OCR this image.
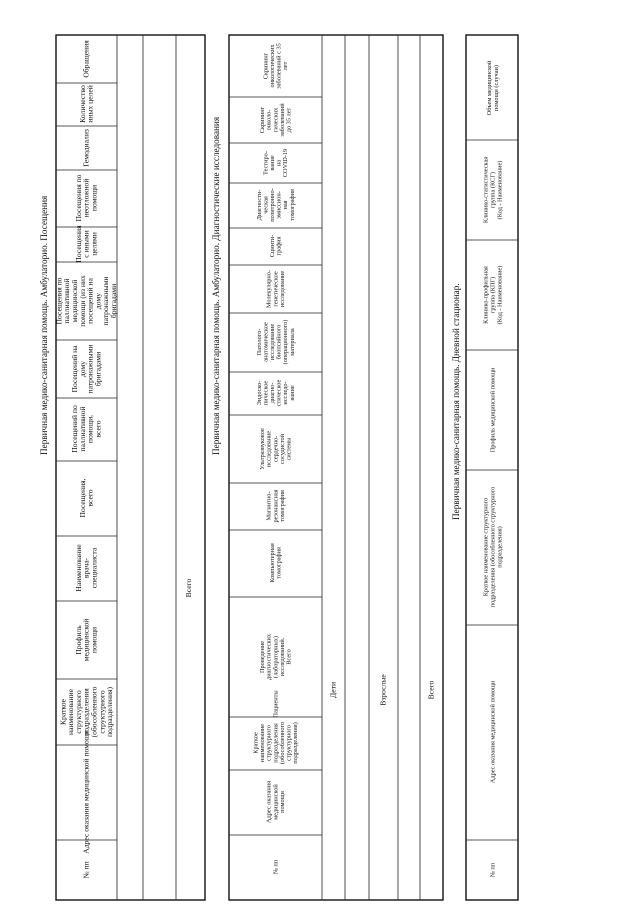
Первичная медико-санитарная помощь. Амбулаторио. Посещения
№ пп
Адрес оказания медицинской помощи
Краткоенаименованиеструктурногоподразделения(обособленногоструктурногоподразделения)
Профильмедицинскойпомощи
Наименованиеврача-специалиста
Посещения,всего
Посещений попаллиативнойпомощи,всего
Посещений надомупатронажнымибригадами
Посещения попаллиативноймедицинскойпомощи (из нихпосещений надомупатронажнымибригадами
Посещенияс инымицелями
Посещения понеотложнойпомощи
Гемодиализ
Количествоиных целей
Обращения
Всего
Первичная медико-санитарная помощь. Амбулаторио. Диагностические исследования
№ пп
Адрес оказаниямедицинскойпомощи
Краткоенаименованиеструктурногоподразделения(обособленногоструктурногоподразделения)
Пациенты
Проведениедиагностических(лабораторных)исследований.Всего
Компьютернаятомография
Магнитно-резонанснаятомография
Ультразвуковоеисследованиесердечно-сосудистойсистемы
Эндоско-пическоедиагно-стическоеисследо-вание
Патолого-анатомическоеисследованиебиопсийного(операционного)материала
Молекулярно-генетическоеисследование
Сцинти-графия
Диагности-ческаяпозитронно-эмиссион-наятомография
Тестиро-ваниенаCOVID-19
Скринингонколо-гическихзаболеванийдо 35 лет
Скринингонкологическихзаболеваний с 35лет
Дети	Взрослые	Всего
Первичная медико-санитарная помощь. Дневной стационар.
№ пп
Адрес оказания медицинской помощи
Краткое наименование структурногоподразделения (обособленного структурногоподразделения)
Профиль медицинской помощи
Клинико-профильнаягруппа (КПГ)(Код - Наименование)
Клинико-статистическаягруппа (КСГ)(Код - Наименование)
Объем медицинскойпомощи (случаи)
